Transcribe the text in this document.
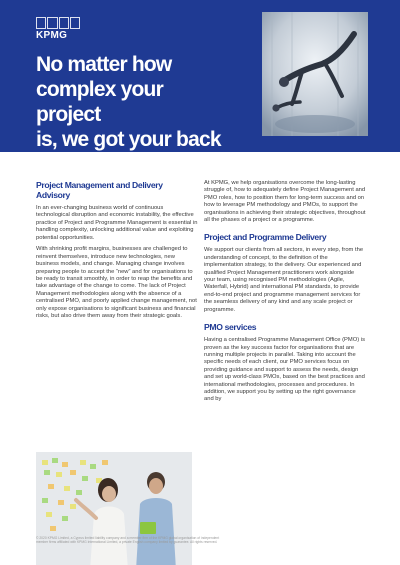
KPMG
No matter how
complex your project
is, we got your back
Project Management and Delivery Advisory

In an ever-changing business world of continuous technological disruption and economic instability, the effective practice of Project and Programme Management is essential in handling complexity, unlocking additional value and exploiting potential opportunities.

With shrinking profit margins, businesses are challenged to reinvent themselves, introduce new technologies, new business models, and change. Managing change involves preparing people to accept the “new” and for organisations to be ready to transit smoothly, in order to reap the benefits and take advantage of the change to come. The lack of Project Management methodologies along with the absence of a centralised PMO, and poorly applied change management, not only expose organisations to significant business and financial risks, but also drive them away from their strategic goals.

At KPMG, we help organisations overcome the long-lasting struggle of, how to adequately define Project Management and PMO roles, how to position them for long-term success and on how to leverage PM methodology and PMOs, to support the organisations in achieving their strategic objectives, throughout all the phases of a project or a programme.

Project and Programme Delivery

We support our clients from all sectors, in every step, from the understanding of concept, to the definition of the implementation strategy, to the delivery. Our experienced and qualified Project Management practitioners work alongside your team, using recognised PM methodologies (Agile, Waterfall, Hybrid) and international PM standards, to provide end-to-end project and programme management services for the seamless delivery of any kind and any scale project or programme.

PMO services

Having a centralised Programme Management Office (PMO) is proven as the key success factor for organisations that are running multiple projects in parallel. Taking into account the specific needs of each client, our PMO services focus on providing guidance and support to assess the needs, design and set up world-class PMOs, based on the best practices and international methodologies, processes and procedures. In addition, we support you by setting up the right governance and by

© 2020 KPMG Limited, a Cyprus limited liability company and a member firm of the KPMG global organisation of independent
member firms affiliated with KPMG International Limited, a private English company limited by guarantee. All rights reserved.
